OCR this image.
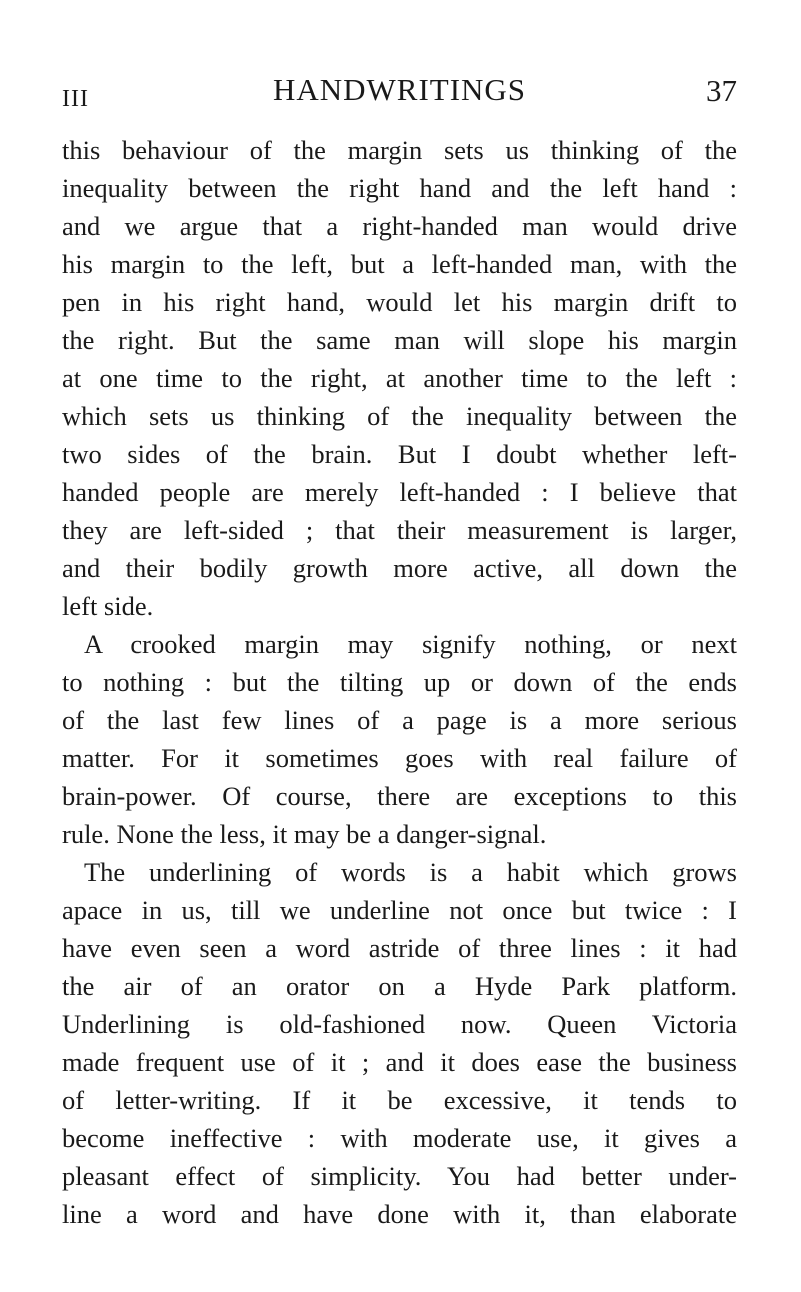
III	HANDWRITINGS	37
this behaviour of the margin sets us thinking of the
inequality between the right hand and the left hand :
and we argue that a right-handed man would drive
his margin to the left, but a left-handed man, with the
pen in his right hand, would let his margin drift to
the right. But the same man will slope his margin
at one time to the right, at another time to the left :
which sets us thinking of the inequality between the
two sides of the brain. But I doubt whether left-
handed people are merely left-handed : I believe that
they are left-sided ; that their measurement is larger,
and their bodily growth more active, all down the
left side.
A crooked margin may signify nothing, or next
to nothing : but the tilting up or down of the ends
of the last few lines of a page is a more serious
matter. For it sometimes goes with real failure of
brain-power. Of course, there are exceptions to this
rule. None the less, it may be a danger-signal.
The underlining of words is a habit which grows
apace in us, till we underline not once but twice : I
have even seen a word astride of three lines : it had
the air of an orator on a Hyde Park platform.
Underlining is old-fashioned now. Queen Victoria
made frequent use of it ; and it does ease the business
of letter-writing. If it be excessive, it tends to
become ineffective : with moderate use, it gives a
pleasant effect of simplicity. You had better under-
line a word and have done with it, than elaborate
